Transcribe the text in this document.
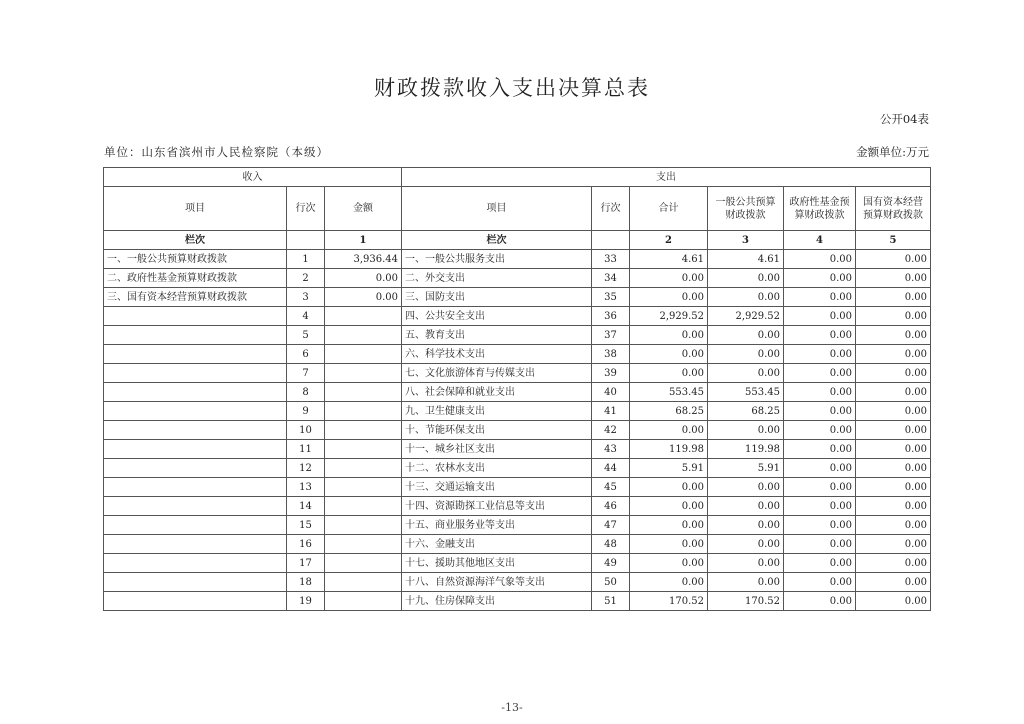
财政拨款收入支出决算总表
公开04表
单位：山东省滨州市人民检察院（本级）	金额单位:万元
收入			支出					
项目	行次	金额	项目	行次	合计	一般公共预算财政拨款	政府性基金预算财政拨款	国有资本经营预算财政拨款
栏次		1	栏次		2	3	4	5
一、一般公共预算财政拨款	1	3,936.44	一、一般公共服务支出	33	4.61	4.61	0.00	0.00
二、政府性基金预算财政拨款	2	0.00	二、外交支出	34	0.00	0.00	0.00	0.00
三、国有资本经营预算财政拨款	3	0.00	三、国防支出	35	0.00	0.00	0.00	0.00
	4		四、公共安全支出	36	2,929.52	2,929.52	0.00	0.00
	5		五、教育支出	37	0.00	0.00	0.00	0.00
	6		六、科学技术支出	38	0.00	0.00	0.00	0.00
	7		七、文化旅游体育与传媒支出	39	0.00	0.00	0.00	0.00
	8		八、社会保障和就业支出	40	553.45	553.45	0.00	0.00
	9		九、卫生健康支出	41	68.25	68.25	0.00	0.00
	10		十、节能环保支出	42	0.00	0.00	0.00	0.00
	11		十一、城乡社区支出	43	119.98	119.98	0.00	0.00
	12		十二、农林水支出	44	5.91	5.91	0.00	0.00
	13		十三、交通运输支出	45	0.00	0.00	0.00	0.00
	14		十四、资源勘探工业信息等支出	46	0.00	0.00	0.00	0.00
	15		十五、商业服务业等支出	47	0.00	0.00	0.00	0.00
	16		十六、金融支出	48	0.00	0.00	0.00	0.00
	17		十七、援助其他地区支出	49	0.00	0.00	0.00	0.00
	18		十八、自然资源海洋气象等支出	50	0.00	0.00	0.00	0.00
	19		十九、住房保障支出	51	170.52	170.52	0.00	0.00
-13-
